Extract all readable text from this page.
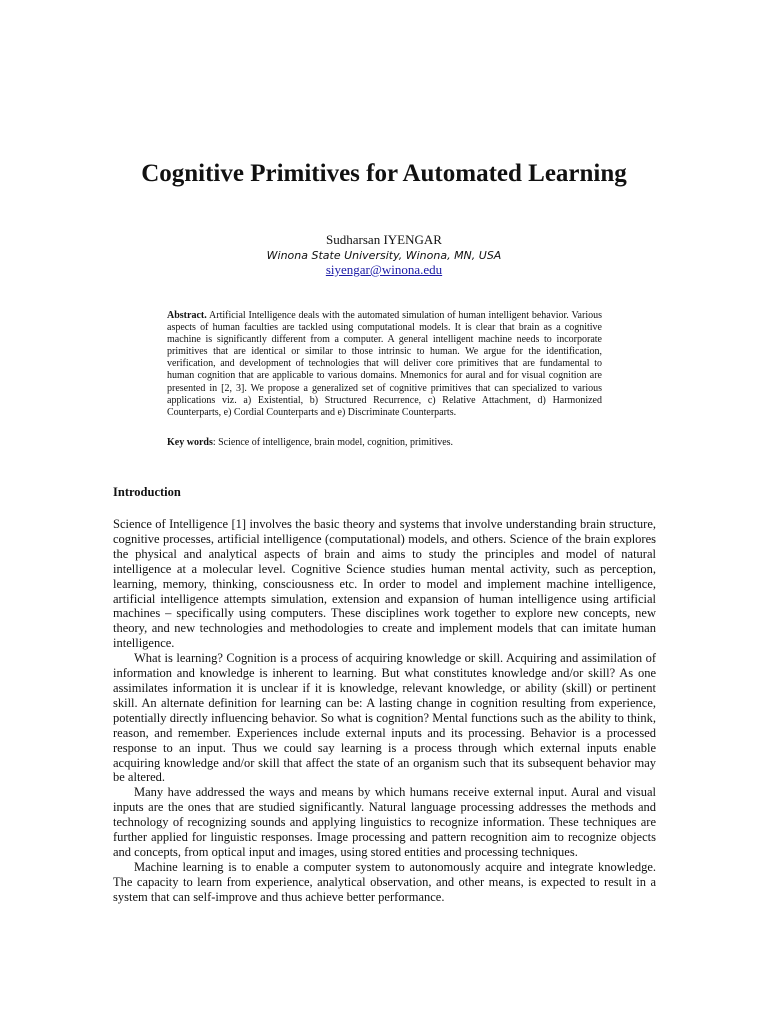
Cognitive Primitives for Automated Learning
Sudharsan IYENGAR
Winona State University, Winona, MN, USA
siyengar@winona.edu
Abstract. Artificial Intelligence deals with the automated simulation of human intelligent behavior. Various aspects of human faculties are tackled using computational models. It is clear that brain as a cognitive machine is significantly different from a computer. A general intelligent machine needs to incorporate primitives that are identical or similar to those intrinsic to human. We argue for the identification, verification, and development of technologies that will deliver core primitives that are fundamental to human cognition that are applicable to various domains. Mnemonics for aural and for visual cognition are presented in [2, 3]. We propose a generalized set of cognitive primitives that can specialized to various applications viz. a) Existential, b) Structured Recurrence, c) Relative Attachment, d) Harmonized Counterparts, e) Cordial Counterparts and e) Discriminate Counterparts.
Key words: Science of intelligence, brain model, cognition, primitives.
Introduction

Science of Intelligence [1] involves the basic theory and systems that involve understanding brain structure, cognitive processes, artificial intelligence (computational) models, and others. Science of the brain explores the physical and analytical aspects of brain and aims to study the principles and model of natural intelligence at a molecular level. Cognitive Science studies human mental activity, such as perception, learning, memory, thinking, consciousness etc. In order to model and implement machine intelligence, artificial intelligence attempts simulation, extension and expansion of human intelligence using artificial machines – specifically using computers. These disciplines work together to explore new concepts, new theory, and new technologies and methodologies to create and implement models that can imitate human intelligence.

What is learning? Cognition is a process of acquiring knowledge or skill. Acquiring and assimilation of information and knowledge is inherent to learning. But what constitutes knowledge and/or skill? As one assimilates information it is unclear if it is knowledge, relevant knowledge, or ability (skill) or pertinent skill. An alternate definition for learning can be: A lasting change in cognition resulting from experience, potentially directly influencing behavior. So what is cognition? Mental functions such as the ability to think, reason, and remember. Experiences include external inputs and its processing. Behavior is a processed response to an input. Thus we could say learning is a process through which external inputs enable acquiring knowledge and/or skill that affect the state of an organism such that its subsequent behavior may be altered.

Many have addressed the ways and means by which humans receive external input. Aural and visual inputs are the ones that are studied significantly. Natural language processing addresses the methods and technology of recognizing sounds and applying linguistics to recognize information. These techniques are further applied for linguistic responses. Image processing and pattern recognition aim to recognize objects and concepts, from optical input and images, using stored entities and processing techniques.

Machine learning is to enable a computer system to autonomously acquire and integrate knowledge. The capacity to learn from experience, analytical observation, and other means, is expected to result in a system that can self-improve and thus achieve better performance.
